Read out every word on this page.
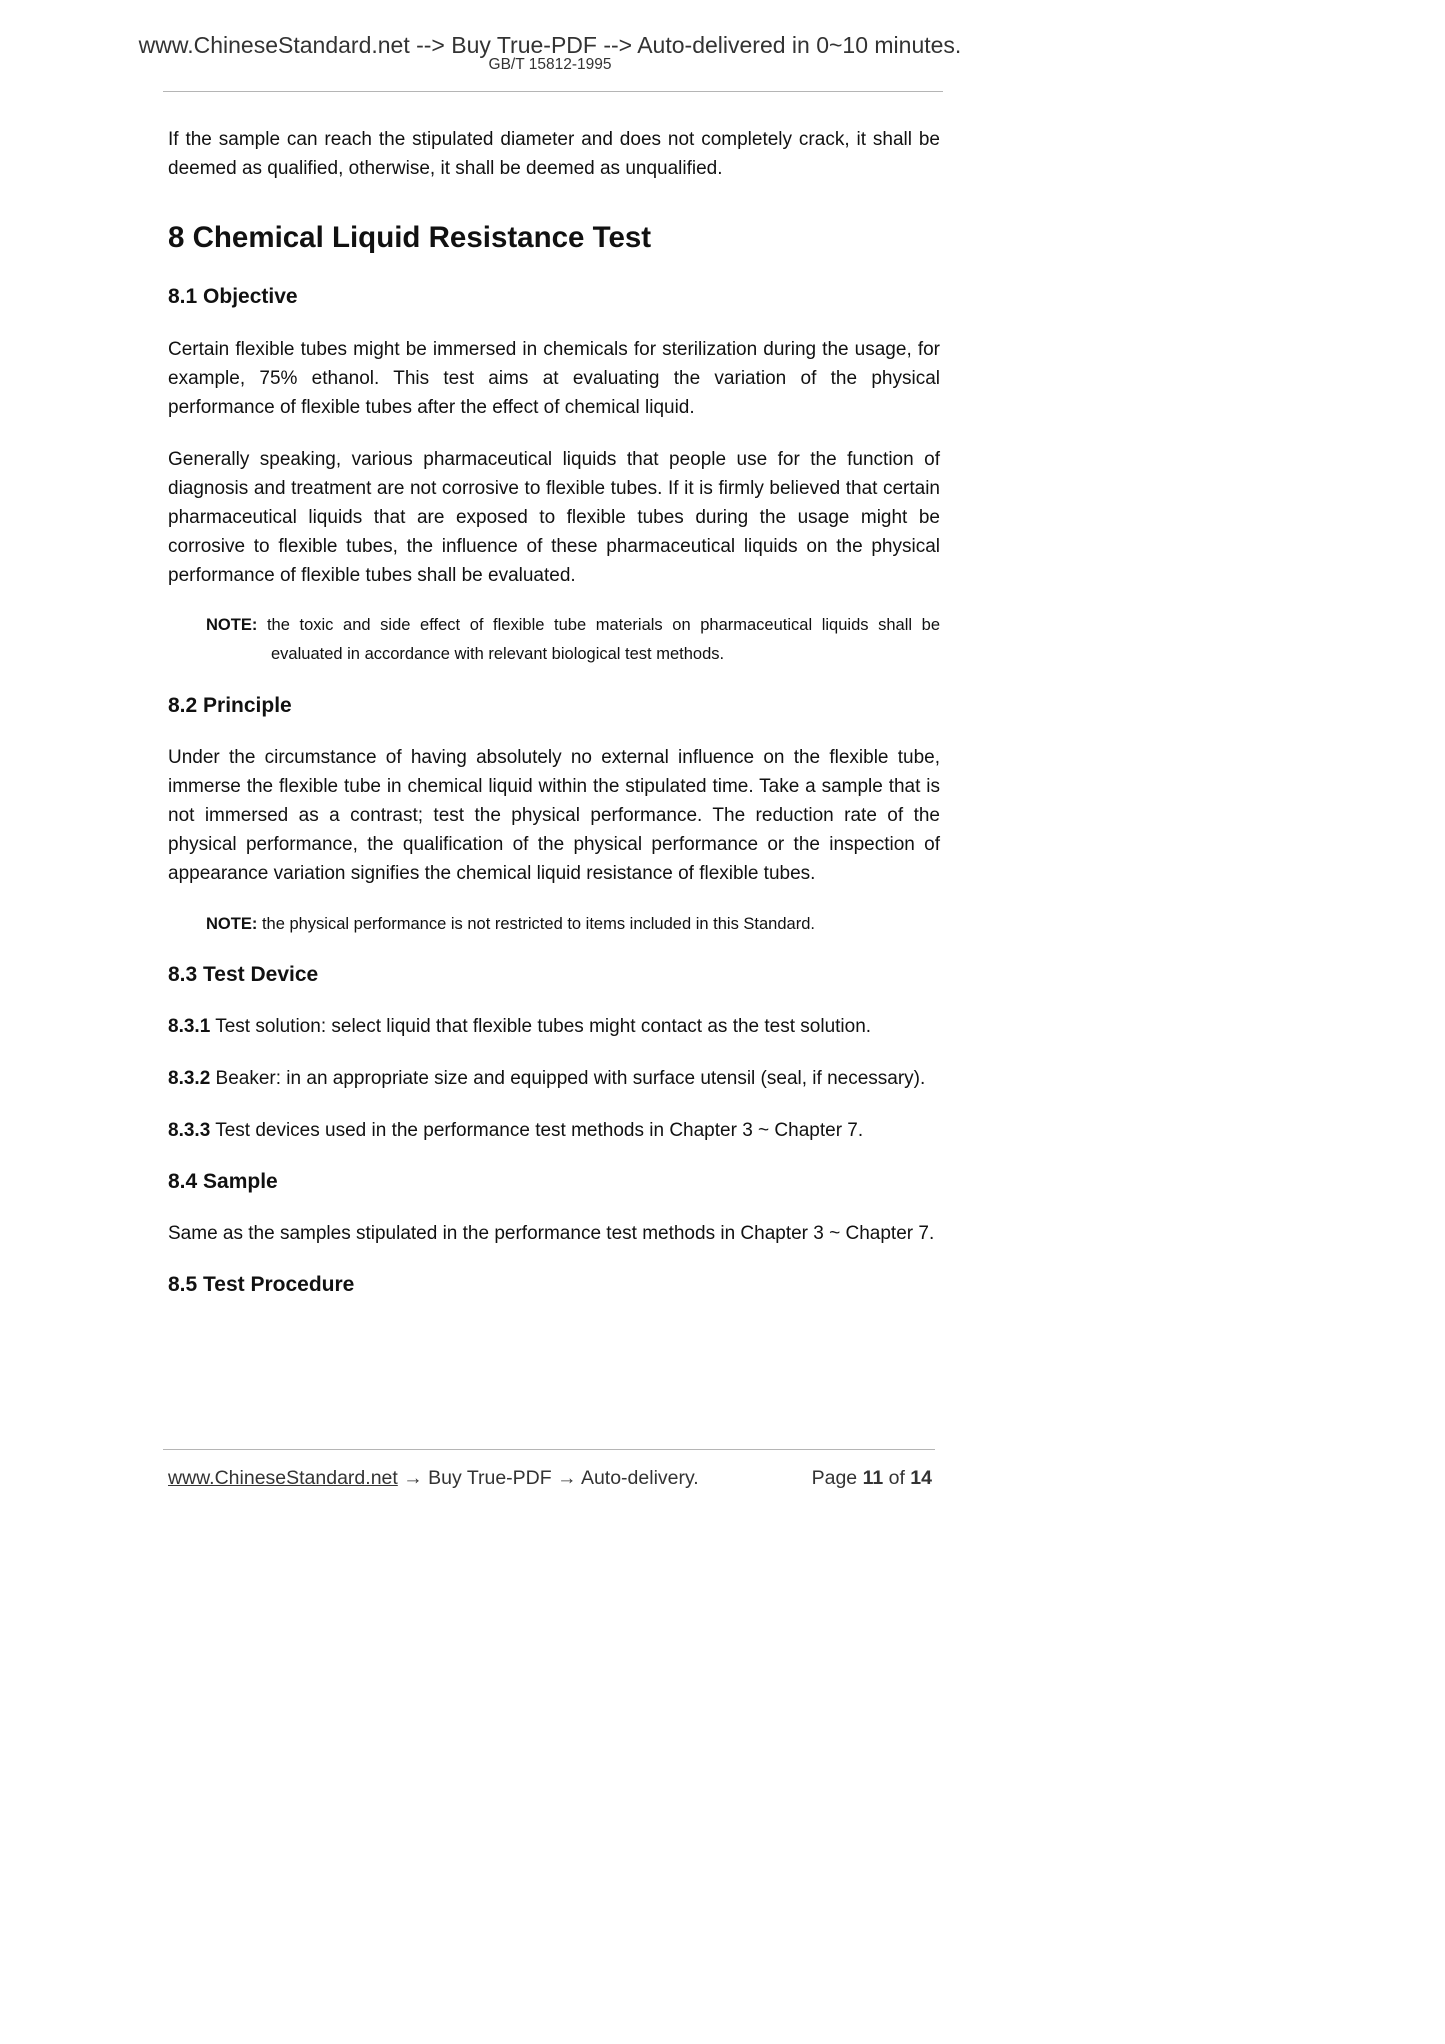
www.ChineseStandard.net --> Buy True-PDF --> Auto-delivered in 0~10 minutes.
GB/T 15812-1995

If the sample can reach the stipulated diameter and does not completely crack, it shall be deemed as qualified, otherwise, it shall be deemed as unqualified.

8 Chemical Liquid Resistance Test
8.1 Objective

Certain flexible tubes might be immersed in chemicals for sterilization during the usage, for example, 75% ethanol. This test aims at evaluating the variation of the physical performance of flexible tubes after the effect of chemical liquid.

Generally speaking, various pharmaceutical liquids that people use for the function of diagnosis and treatment are not corrosive to flexible tubes. If it is firmly believed that certain pharmaceutical liquids that are exposed to flexible tubes during the usage might be corrosive to flexible tubes, the influence of these pharmaceutical liquids on the physical performance of flexible tubes shall be evaluated.

NOTE: the toxic and side effect of flexible tube materials on pharmaceutical liquids shall be evaluated in accordance with relevant biological test methods.

8.2 Principle

Under the circumstance of having absolutely no external influence on the flexible tube, immerse the flexible tube in chemical liquid within the stipulated time. Take a sample that is not immersed as a contrast; test the physical performance. The reduction rate of the physical performance, the qualification of the physical performance or the inspection of appearance variation signifies the chemical liquid resistance of flexible tubes.

NOTE: the physical performance is not restricted to items included in this Standard.

8.3 Test Device

8.3.1 Test solution: select liquid that flexible tubes might contact as the test solution.

8.3.2 Beaker: in an appropriate size and equipped with surface utensil (seal, if necessary).

8.3.3 Test devices used in the performance test methods in Chapter 3 ~ Chapter 7.

8.4 Sample

Same as the samples stipulated in the performance test methods in Chapter 3 ~ Chapter 7.

8.5 Test Procedure
www.ChineseStandard.net → Buy True-PDF → Auto-delivery.	Page 11 of 14
